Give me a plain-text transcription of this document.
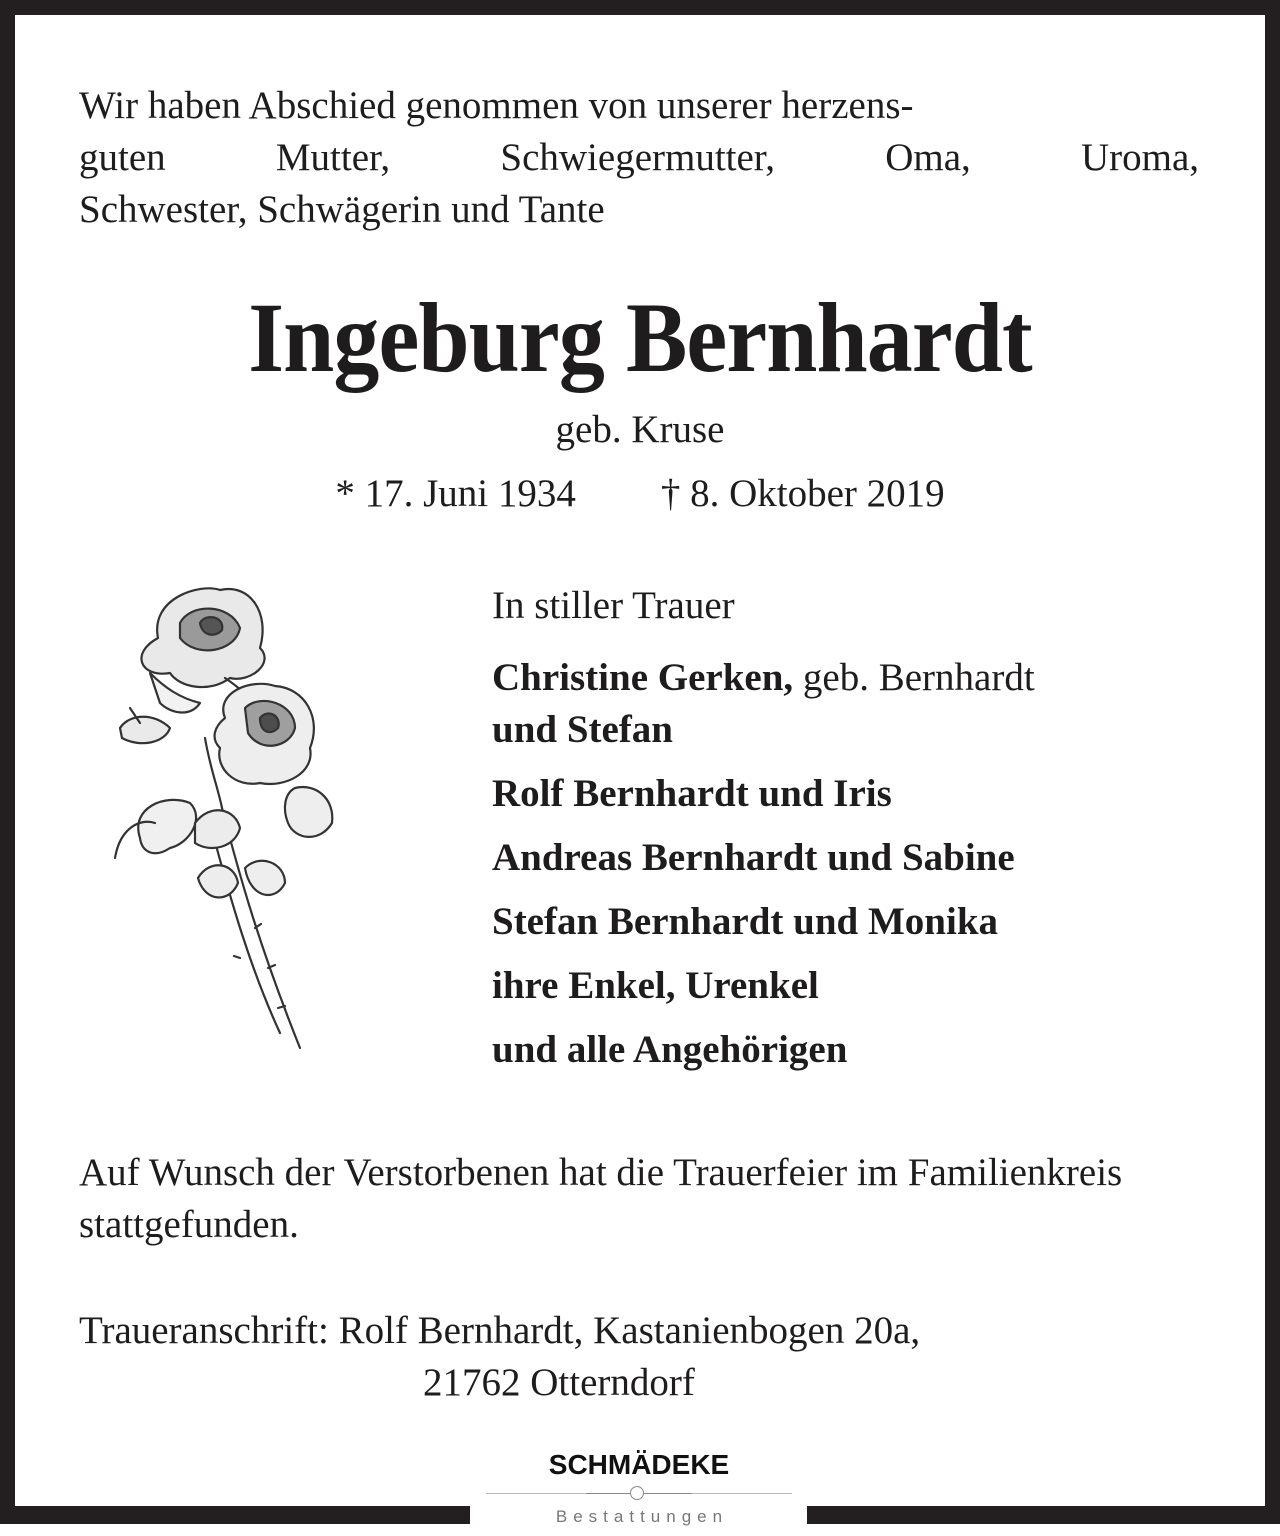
Wir haben Abschied genommen von unserer herzens-
guten Mutter, Schwiegermutter, Oma, Uroma,
Schwester, Schwägerin und Tante
Ingeburg Bernhardt
geb. Kruse
* 17. Juni 1934 † 8. Oktober 2019
In stiller Trauer
Christine Gerken, geb. Bernhardt
und Stefan
Rolf Bernhardt und Iris
Andreas Bernhardt und Sabine
Stefan Bernhardt und Monika
ihre Enkel, Urenkel
und alle Angehörigen
Auf Wunsch der Verstorbenen hat die Trauerfeier im Familienkreis stattgefunden.
Traueranschrift: Rolf Bernhardt, Kastanienbogen 20a,
21762 Otterndorf
SCHMÄDEKE
Bestattungen
